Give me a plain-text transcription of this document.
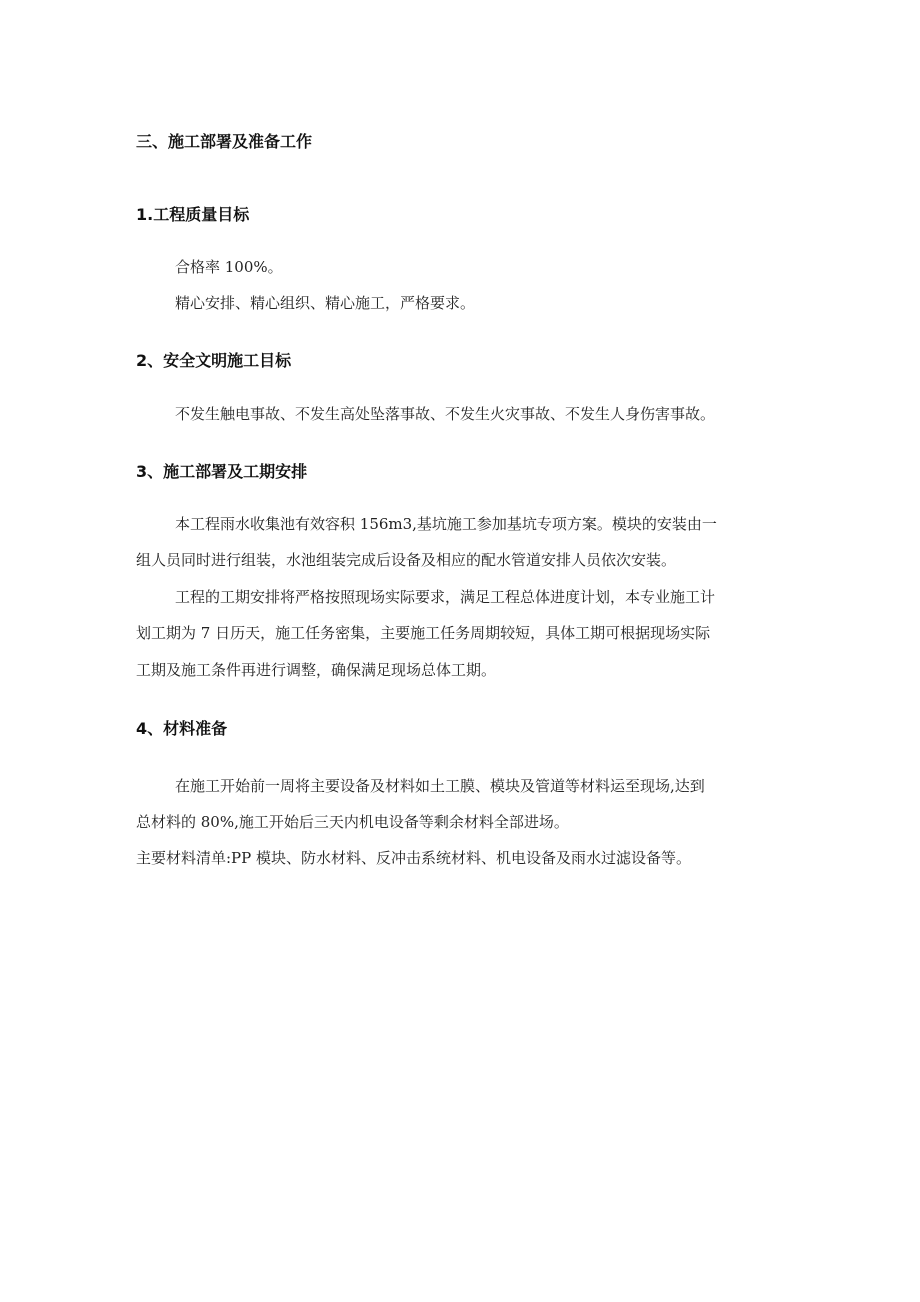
三、施工部署及准备工作
1.工程质量目标
合格率 100%。
精心安排、精心组织、精心施工，严格要求。
2、安全文明施工目标
不发生触电事故、不发生高处坠落事故、不发生火灾事故、不发生人身伤害事故。
3、施工部署及工期安排
本工程雨水收集池有效容积 156m3,基坑施工参加基坑专项方案。模块的安装由一
组人员同时进行组装，水池组装完成后设备及相应的配水管道安排人员依次安装。
工程的工期安排将严格按照现场实际要求，满足工程总体进度计划，本专业施工计
划工期为 7 日历天，施工任务密集，主要施工任务周期较短，具体工期可根据现场实际
工期及施工条件再进行调整，确保满足现场总体工期。
4、材料准备
在施工开始前一周将主要设备及材料如土工膜、模块及管道等材料运至现场,达到
总材料的 80%,施工开始后三天内机电设备等剩余材料全部进场。
主要材料清单:PP 模块、防水材料、反冲击系统材料、机电设备及雨水过滤设备等。
